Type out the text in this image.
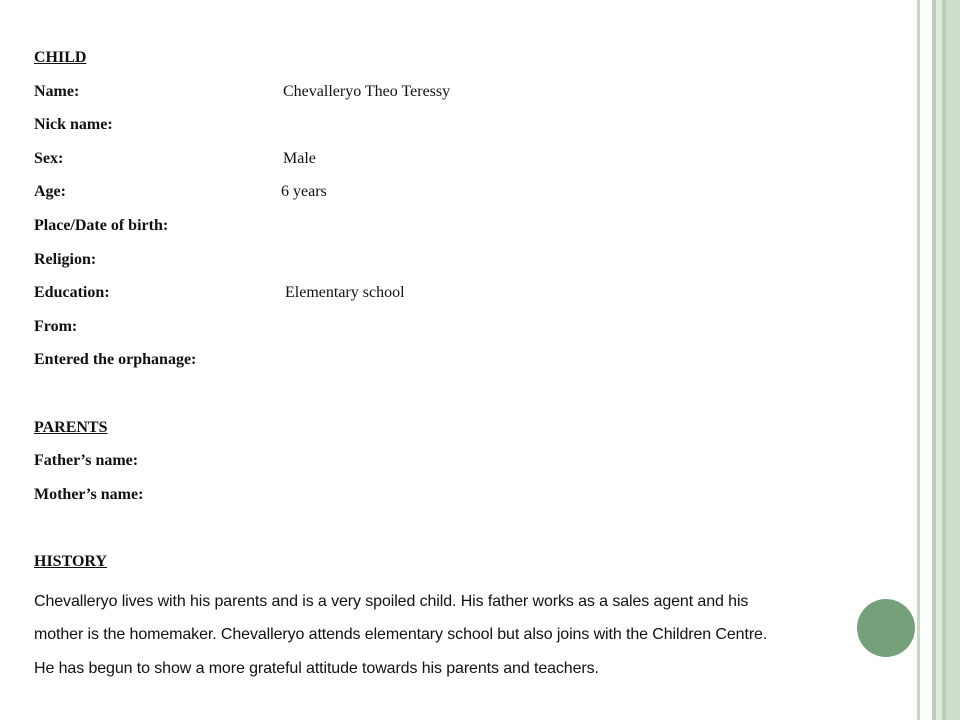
CHILD
Name:	Chevalleryo Theo Teressy
Nick name:
Sex:	Male
Age:	6 years
Place/Date of birth:
Religion:
Education:	Elementary school
From:
Entered the orphanage:
PARENTS
Father’s name:
Mother’s name:
HISTORY

Chevalleryo lives with his parents and is a very spoiled child. His father works as a sales agent and his
mother is the homemaker. Chevalleryo attends elementary school but also joins with the Children Centre.
He has begun to show a more grateful attitude towards his parents and teachers.
